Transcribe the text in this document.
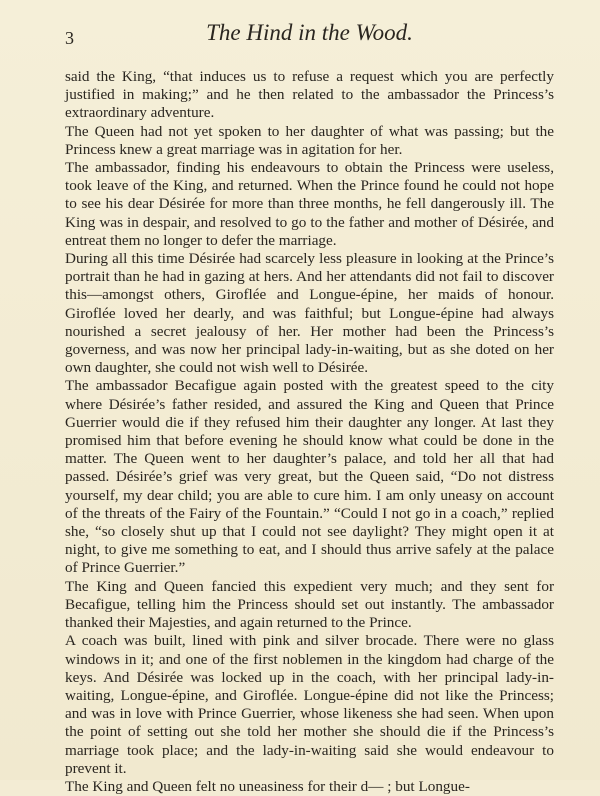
3	The Hind in the Wood.

said the King, “that induces us to refuse a request which you are perfectly justified in making;” and he then related to the ambassador the Princess’s extraordinary adventure.

The Queen had not yet spoken to her daughter of what was passing; but the Princess knew a great marriage was in agitation for her.

The ambassador, finding his endeavours to obtain the Princess were useless, took leave of the King, and returned. When the Prince found he could not hope to see his dear Désirée for more than three months, he fell dangerously ill. The King was in despair, and resolved to go to the father and mother of Désirée, and entreat them no longer to defer the marriage.

During all this time Désirée had scarcely less pleasure in looking at the Prince’s portrait than he had in gazing at hers. And her attendants did not fail to discover this—amongst others, Giroflée and Longue-épine, her maids of honour. Giroflée loved her dearly, and was faithful; but Longue-épine had always nourished a secret jealousy of her. Her mother had been the Princess’s governess, and was now her principal lady-in-waiting, but as she doted on her own daughter, she could not wish well to Désirée.

The ambassador Becafigue again posted with the greatest speed to the city where Désirée’s father resided, and assured the King and Queen that Prince Guerrier would die if they refused him their daughter any longer. At last they promised him that before evening he should know what could be done in the matter. The Queen went to her daughter’s palace, and told her all that had passed. Désirée’s grief was very great, but the Queen said, “Do not distress yourself, my dear child; you are able to cure him. I am only uneasy on account of the threats of the Fairy of the Fountain.” “Could I not go in a coach,” replied she, “so closely shut up that I could not see daylight? They might open it at night, to give me something to eat, and I should thus arrive safely at the palace of Prince Guerrier.”

The King and Queen fancied this expedient very much; and they sent for Becafigue, telling him the Princess should set out instantly. The ambassador thanked their Majesties, and again returned to the Prince.

A coach was built, lined with pink and silver brocade. There were no glass windows in it; and one of the first noblemen in the kingdom had charge of the keys. And Désirée was locked up in the coach, with her principal lady-in-waiting, Longue-épine, and Giroflée. Longue-épine did not like the Princess; and was in love with Prince Guerrier, whose likeness she had seen. When upon the point of setting out she told her mother she should die if the Princess’s marriage took place; and the lady-in-waiting said she would endeavour to prevent it.

The King and Queen felt no uneasiness for their d— ; but Longue-
